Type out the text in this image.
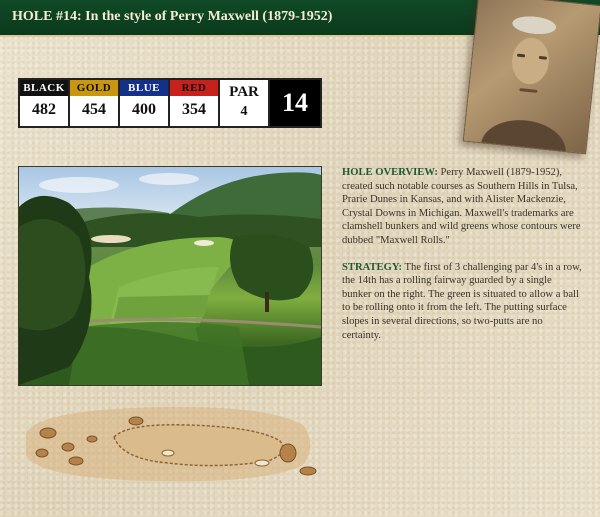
HOLE #14: In the style of Perry Maxwell (1879-1952)
BLACK
482
GOLD
454
BLUE
400
RED
354
PAR
4	14

HOLE OVERVIEW: Perry Maxwell (1879-1952), created such notable courses as Southern Hills in Tulsa, Prarie Dunes in Kansas, and with Alister Mackenzie, Crystal Downs in Michigan. Maxwell's trademarks are clamshell bunkers and wild greens whose contours were dubbed "Maxwell Rolls."

STRATEGY: The first of 3 challenging par 4's in a row, the 14th has a rolling fairway guarded by a single bunker on the right. The green is situated to allow a ball to be rolling onto it from the left. The putting surface slopes in several directions, so two-putts are no certainty.
